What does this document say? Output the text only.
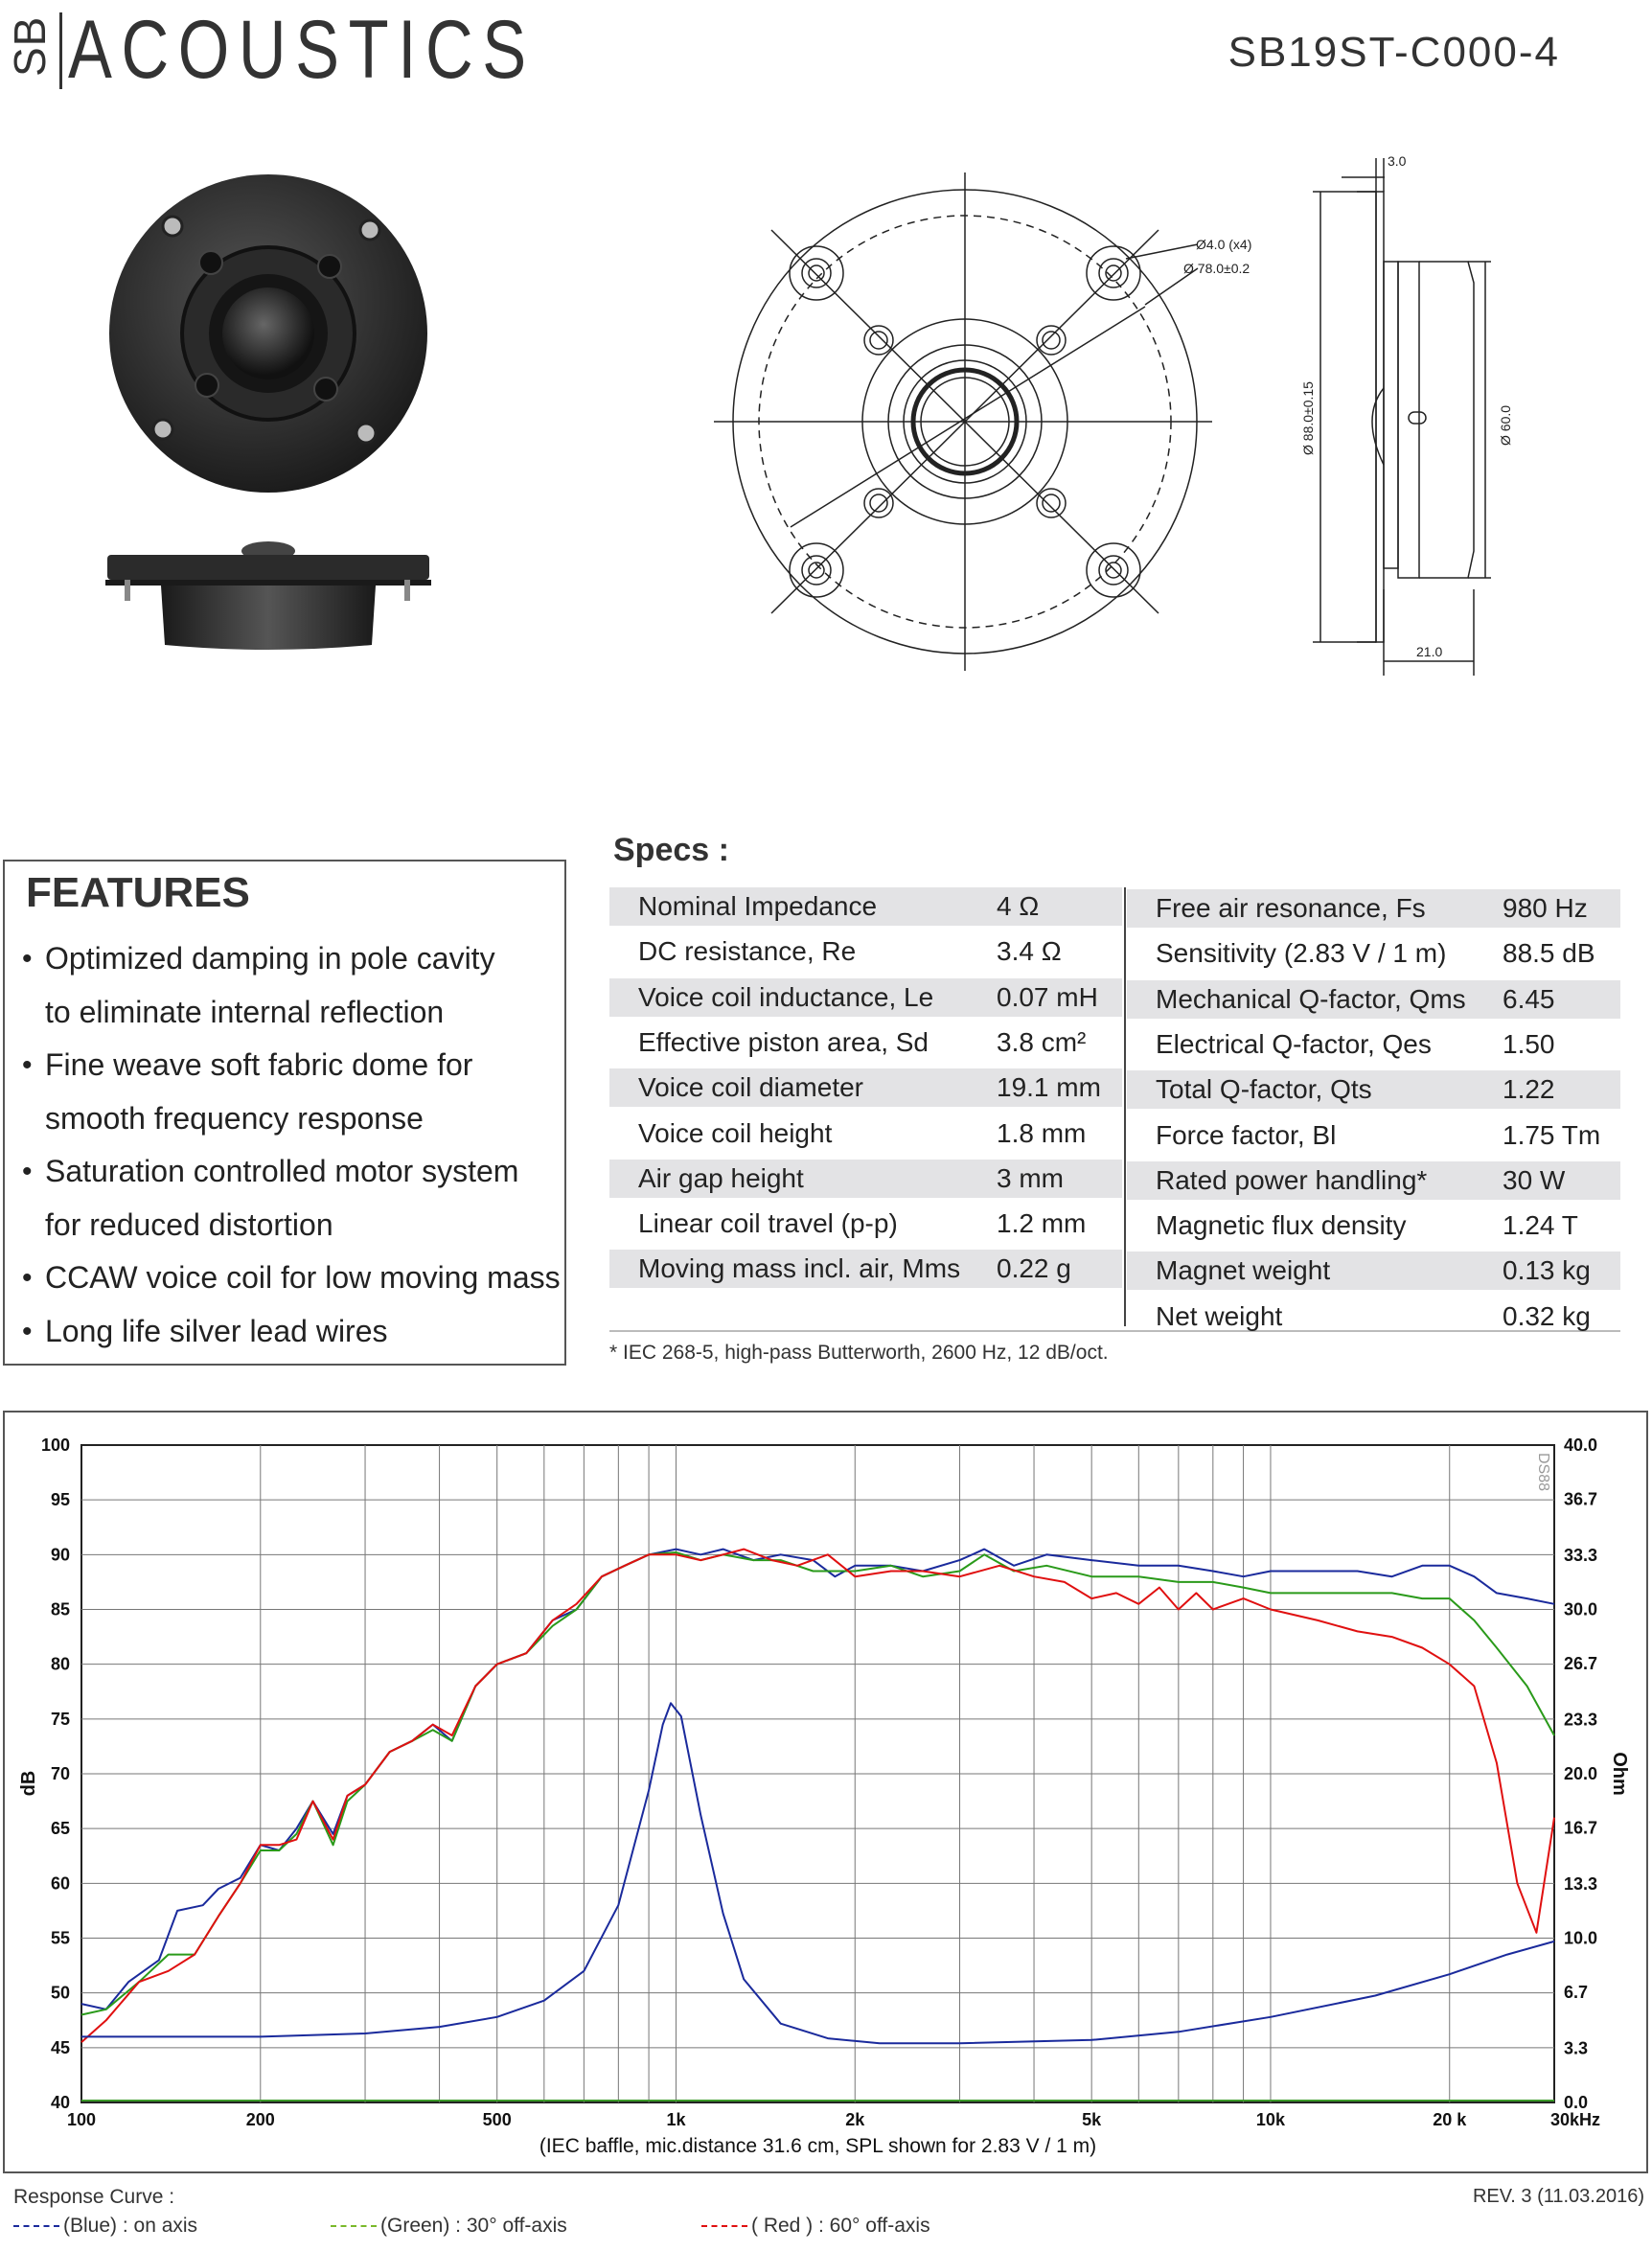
SB ACOUSTICS	SB19ST-C000-4
Ø4.0 (x4)
Ø 78.0±0.2
3.0
21.0
Ø 88.0±0.15	Ø 60.0
FEATURES
• Optimized damping in pole cavity
to eliminate internal reflection
• Fine weave soft fabric dome for
smooth frequency response
• Saturation controlled motor system
for reduced distortion
• CCAW voice coil for low moving mass
• Long life silver lead wires
Specs :
Nominal Impedance	4 Ω
DC resistance, Re	3.4 Ω
Voice coil inductance, Le 0.07 mH
Effective piston area, Sd	3.8 cm²
Voice coil diameter	19.1 mm
Voice coil height	1.8 mm
Air gap height	3 mm
Linear coil travel (p-p)	1.2 mm
Moving mass incl. air, Mms 0.22 g
Free air resonance, Fs	980 Hz
Sensitivity (2.83 V / 1 m) 88.5 dB
Mechanical Q-factor, Qms 6.45
Electrical Q-factor, Qes	1.50
Total Q-factor, Qts	1.22
Force factor, Bl	1.75 Tm
Rated power handling*	30 W
Magnetic flux density	1.24 T
Magnet weight	0.13 kg
Net weight	0.32 kg
* IEC 268-5, high-pass Butterworth, 2600 Hz, 12 dB/oct.
100
95
90
85
80
75
70
65
60
55
50
45
40
40.0
36.7
33.3
30.0
26.7
23.3
20.0
16.7
13.3
10.0
6.7
3.3
0.0
100	200	500	1k	2k	5k	10k	20 k	30kHz
dB	Ohm
(IEC baffle, mic.distance 31.6 cm, SPL shown for 2.83 V / 1 m)
DS88
Response Curve :	REV. 3 (11.03.2016)
(Blue) : on axis	(Green) : 30° off-axis	( Red ) : 60° off-axis
